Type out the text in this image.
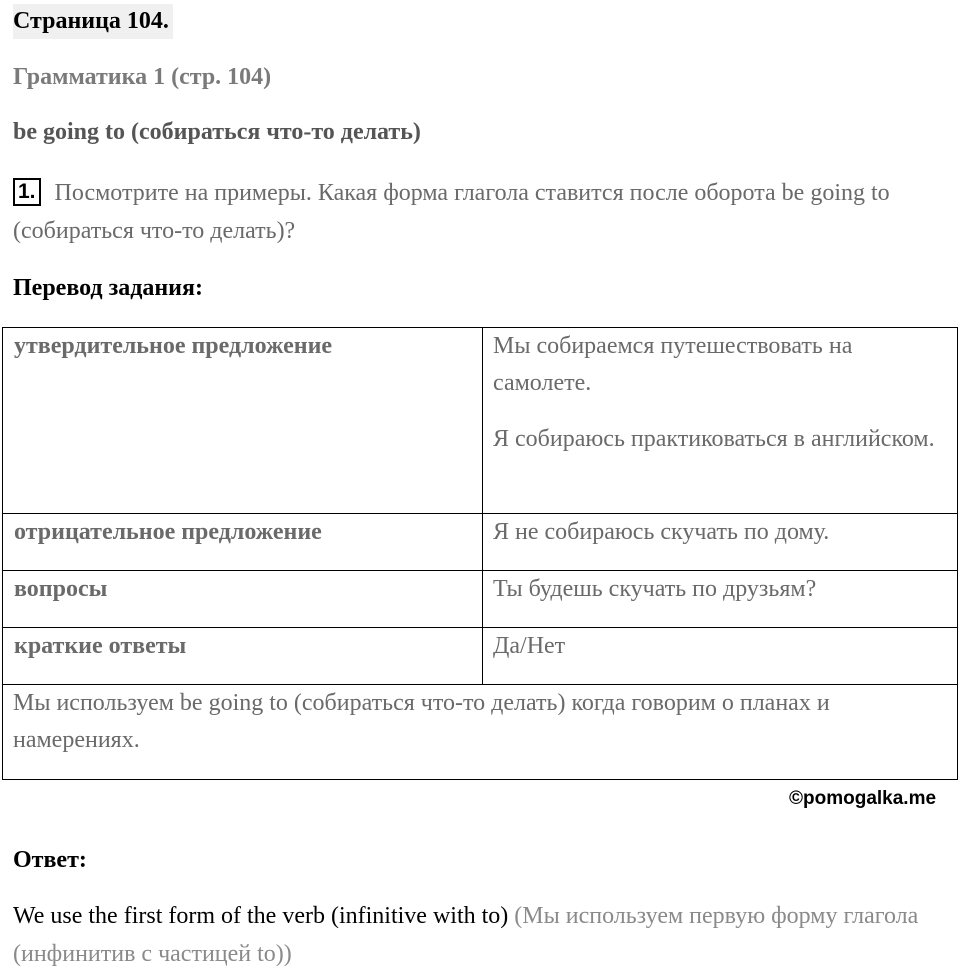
Страница 104.
Грамматика 1 (стр. 104)
be going to (собираться что-то делать)
1. Посмотрите на примеры. Какая форма глагола ставится после оборота be going to (собираться что-то делать)?
Перевод задания:
утвердительное предложение	Мы собираемся путешествовать на самолете.

Я собираюсь практиковаться в английском.

отрицательное предложение	Я не собираюсь скучать по дому.

вопросы	Ты будешь скучать по друзьям?

краткие ответы	Да/Нет

Мы используем be going to (собираться что-то делать) когда говорим о планах и намерениях.	
©pomogalka.me
Ответ:
We use the first form of the verb (infinitive with to) (Мы используем первую форму глагола (инфинитив с частицей to))
